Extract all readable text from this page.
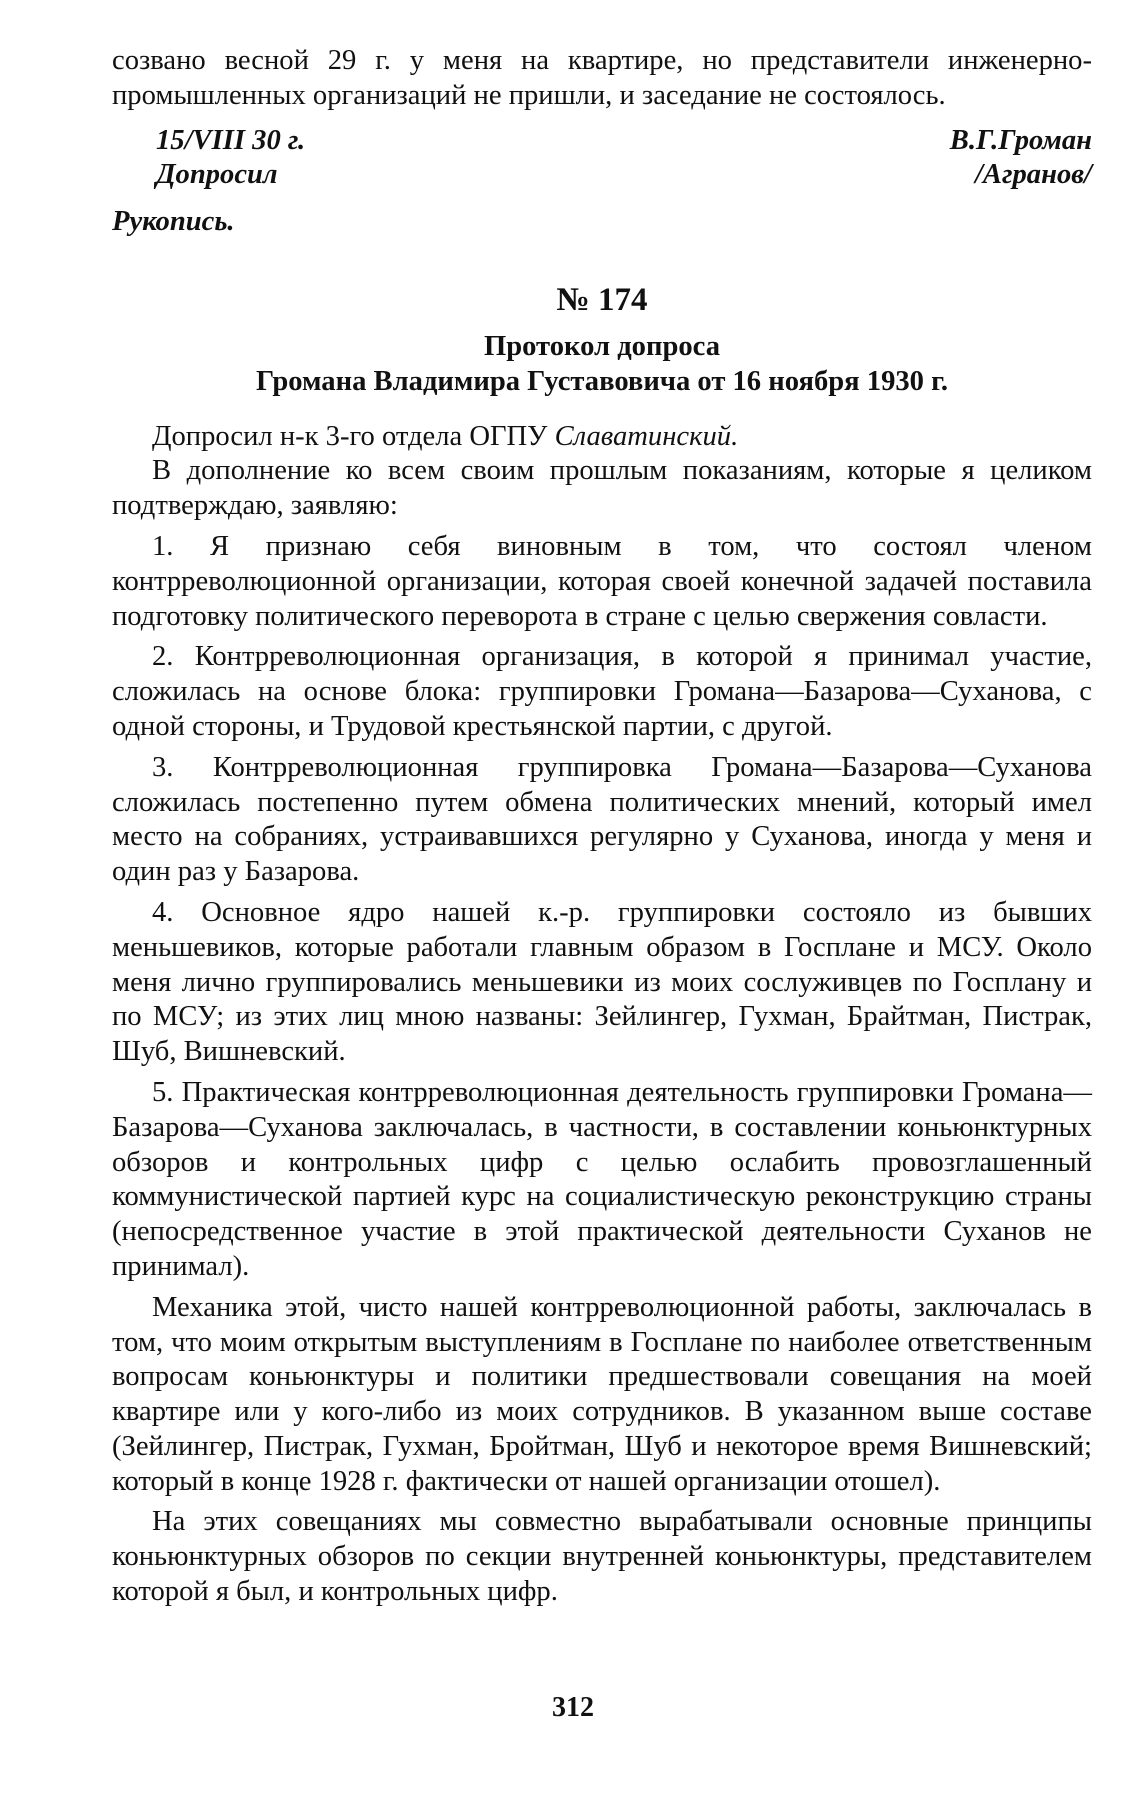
созвано весной 29 г. у меня на квартире, но представители инженерно-промышленных организаций не пришли, и заседание не состоялось.

15/VIII 30 г.	В.Г.Громан
Допросил	/Агранов/
Рукопись.
№ 174
Протокол допроса
Громана Владимира Густавовича от 16 ноября 1930 г.

Допросил н-к 3-го отдела ОГПУ Славатинский.

В дополнение ко всем своим прошлым показаниям, которые я целиком подтверждаю, заявляю:

1. Я признаю себя виновным в том, что состоял членом контрреволюционной организации, которая своей конечной задачей поставила подготовку политического переворота в стране с целью свержения совласти.

2. Контрреволюционная организация, в которой я принимал участие, сложилась на основе блока: группировки Громана—Базарова—Суханова, с одной стороны, и Трудовой крестьянской партии, с другой.

3. Контрреволюционная группировка Громана—Базарова—Суханова сложилась постепенно путем обмена политических мнений, который имел место на собраниях, устраивавшихся регулярно у Суханова, иногда у меня и один раз у Базарова.

4. Основное ядро нашей к.-р. группировки состояло из бывших меньшевиков, которые работали главным образом в Госплане и МСУ. Около меня лично группировались меньшевики из моих сослуживцев по Госплану и по МСУ; из этих лиц мною названы: Зейлингер, Гухман, Брайтман, Пистрак, Шуб, Вишневский.

5. Практическая контрреволюционная деятельность группировки Громана—Базарова—Суханова заключалась, в частности, в составлении коньюнктурных обзоров и контрольных цифр с целью ослабить провозглашенный коммунистической партией курс на социалистическую реконструкцию страны (непосредственное участие в этой практической деятельности Суханов не принимал).

Механика этой, чисто нашей контрреволюционной работы, заключалась в том, что моим открытым выступлениям в Госплане по наиболее ответственным вопросам коньюнктуры и политики предшествовали совещания на моей квартире или у кого-либо из моих сотрудников. В указанном выше составе (Зейлингер, Пистрак, Гухман, Бройтман, Шуб и некоторое время Вишневский; который в конце 1928 г. фактически от нашей организации отошел).

На этих совещаниях мы совместно вырабатывали основные принципы коньюнктурных обзоров по секции внутренней коньюнктуры, представителем которой я был, и контрольных цифр.

312
